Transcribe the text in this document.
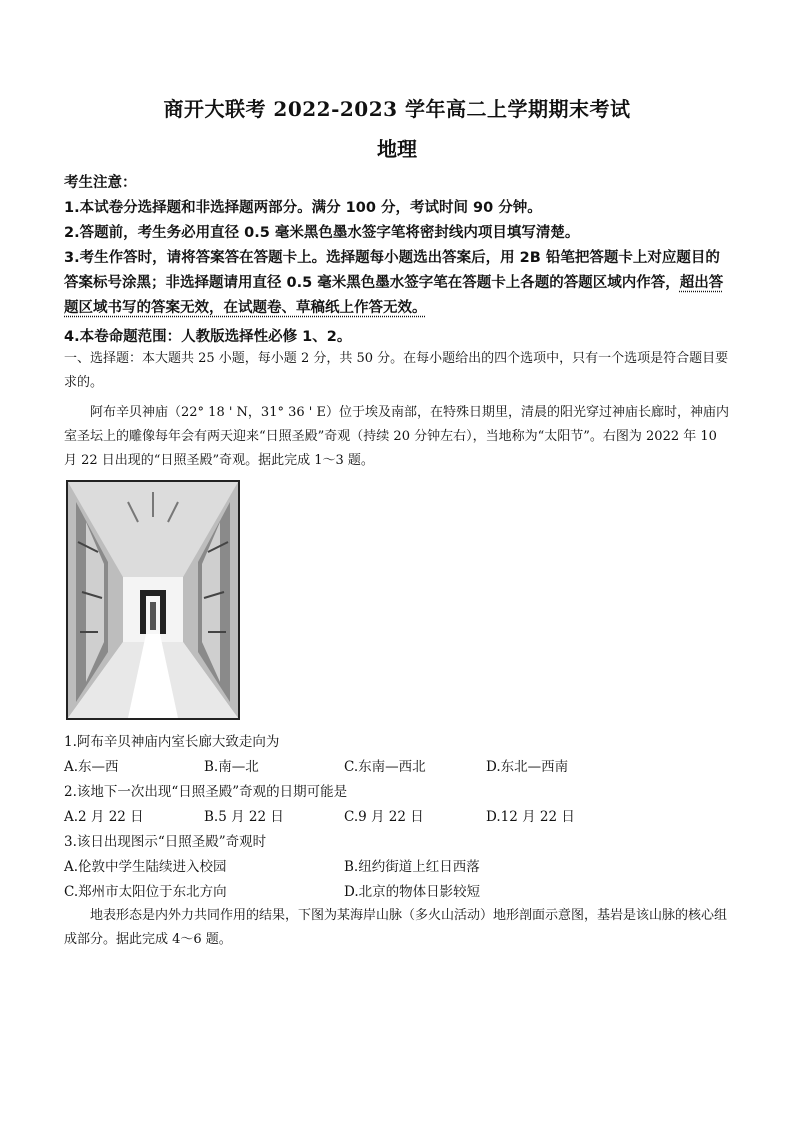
商开大联考 2022-2023 学年高二上学期期末考试
地理

考生注意：

1.本试卷分选择题和非选择题两部分。满分 100 分，考试时间 90 分钟。

2.答题前，考生务必用直径 0.5 毫米黑色墨水签字笔将密封线内项目填写清楚。

3.考生作答时，请将答案答在答题卡上。选择题每小题选出答案后，用 2B 铅笔把答题卡上对应题目的答案标号涂黑；非选择题请用直径 0.5 毫米黑色墨水签字笔在答题卡上各题的答题区域内作答，超出答题区域书写的答案无效，在试题卷、草稿纸上作答无效。

4.本卷命题范围：人教版选择性必修 1、2。

一、选择题：本大题共 25 小题，每小题 2 分，共 50 分。在每小题给出的四个选项中，只有一个选项是符合题目要求的。

阿布辛贝神庙（22° 18 ' N，31° 36 ' E）位于埃及南部，在特殊日期里，清晨的阳光穿过神庙长廊时，神庙内室圣坛上的雕像每年会有两天迎来“日照圣殿”奇观（持续 20 分钟左右），当地称为“太阳节”。右图为 2022 年 10 月 22 日出现的“日照圣殿”奇观。据此完成 1～3 题。

1.阿布辛贝神庙内室长廊大致走向为
A.东—西	B.南—北	C.东南—西北	D.东北—西南
2.该地下一次出现“日照圣殿”奇观的日期可能是
A.2 月 22 日	B.5 月 22 日	C.9 月 22 日	D.12 月 22 日
3.该日出现图示“日照圣殿”奇观时
A.伦敦中学生陆续进入校园	B.纽约街道上红日西落
C.郑州市太阳位于东北方向	D.北京的物体日影较短

地表形态是内外力共同作用的结果，下图为某海岸山脉（多火山活动）地形剖面示意图，基岩是该山脉的核心组成部分。据此完成 4～6 题。
